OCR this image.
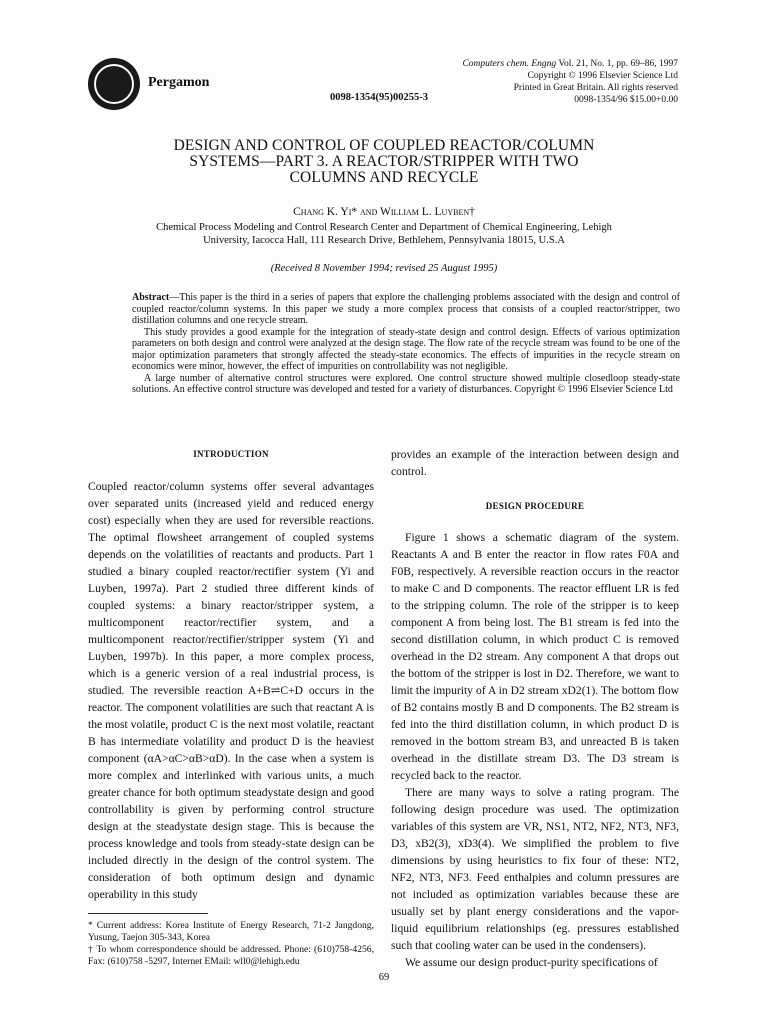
Pergamon
0098-1354(95)00255-3
Computers chem. Engng Vol. 21, No. 1, pp. 69–86, 1997
Copyright © 1996 Elsevier Science Ltd
Printed in Great Britain. All rights reserved
0098-1354/96 $15.00+0.00
DESIGN AND CONTROL OF COUPLED REACTOR/COLUMN
SYSTEMS—PART 3. A REACTOR/STRIPPER WITH TWO
COLUMNS AND RECYCLE
Chang K. Yi* and William L. Luyben†
Chemical Process Modeling and Control Research Center and Department of Chemical Engineering, Lehigh
University, Iacocca Hall, 111 Research Drive, Bethlehem, Pennsylvania 18015, U.S.A
(Received 8 November 1994; revised 25 August 1995)

Abstract—This paper is the third in a series of papers that explore the challenging problems associated with the design and control of coupled reactor/column systems. In this paper we study a more complex process that consists of a coupled reactor/stripper, two distillation columns and one recycle stream.

This study provides a good example for the integration of steady-state design and control design. Effects of various optimization parameters on both design and control were analyzed at the design stage. The flow rate of the recycle stream was found to be one of the major optimization parameters that strongly affected the steady-state economics. The effects of impurities in the recycle stream on economics were minor, however, the effect of impurities on controllability was not negligible.

A large number of alternative control structures were explored. One control structure showed multiple closedloop steady-state solutions. An effective control structure was developed and tested for a variety of disturbances. Copyright © 1996 Elsevier Science Ltd

INTRODUCTION

Coupled reactor/column systems offer several advantages over separated units (increased yield and reduced energy cost) especially when they are used for reversible reactions. The optimal flowsheet arrangement of coupled systems depends on the volatilities of reactants and products. Part 1 studied a binary coupled reactor/rectifier system (Yi and Luyben, 1997a). Part 2 studied three different kinds of coupled systems: a binary reactor/stripper system, a multicomponent reactor/rectifier system, and a multicomponent reactor/rectifier/stripper system (Yi and Luyben, 1997b). In this paper, a more complex process, which is a generic version of a real industrial process, is studied. The reversible reaction A+B⇌C+D occurs in the reactor. The component volatilities are such that reactant A is the most volatile, product C is the next most volatile, reactant B has intermediate volatility and product D is the heaviest component (αA>αC>αB>αD). In the case when a system is more complex and interlinked with various units, a much greater chance for both optimum steadystate design and good controllability is given by performing control structure design at the steadystate design stage. This is because the process knowledge and tools from steady-state design can be included directly in the design of the control system. The consideration of both optimum design and dynamic operability in this study

* Current address: Korea Institute of Energy Research, 71-2 Jangdong, Yusung, Taejon 305-343, Korea

† To whom correspondence should be addressed. Phone: (610)758-4256, Fax: (610)758 -5297, Internet EMail: wll0@lehigh.edu

provides an example of the interaction between design and control.

DESIGN PROCEDURE

Figure 1 shows a schematic diagram of the system. Reactants A and B enter the reactor in flow rates F0A and F0B, respectively. A reversible reaction occurs in the reactor to make C and D components. The reactor effluent LR is fed to the stripping column. The role of the stripper is to keep component A from being lost. The B1 stream is fed into the second distillation column, in which product C is removed overhead in the D2 stream. Any component A that drops out the bottom of the stripper is lost in D2. Therefore, we want to limit the impurity of A in D2 stream xD2(1). The bottom flow of B2 contains mostly B and D components. The B2 stream is fed into the third distillation column, in which product D is removed in the bottom stream B3, and unreacted B is taken overhead in the distillate stream D3. The D3 stream is recycled back to the reactor.

There are many ways to solve a rating program. The following design procedure was used. The optimization variables of this system are VR, NS1, NT2, NF2, NT3, NF3, D3, xB2(3), xD3(4). We simplified the problem to five dimensions by using heuristics to fix four of these: NT2, NF2, NT3, NF3. Feed enthalpies and column pressures are not included as optimization variables because these are usually set by plant energy considerations and the vapor-liquid equilibrium relationships (eg. pressures established such that cooling water can be used in the condensers).

We assume our design product-purity specifications of

69
